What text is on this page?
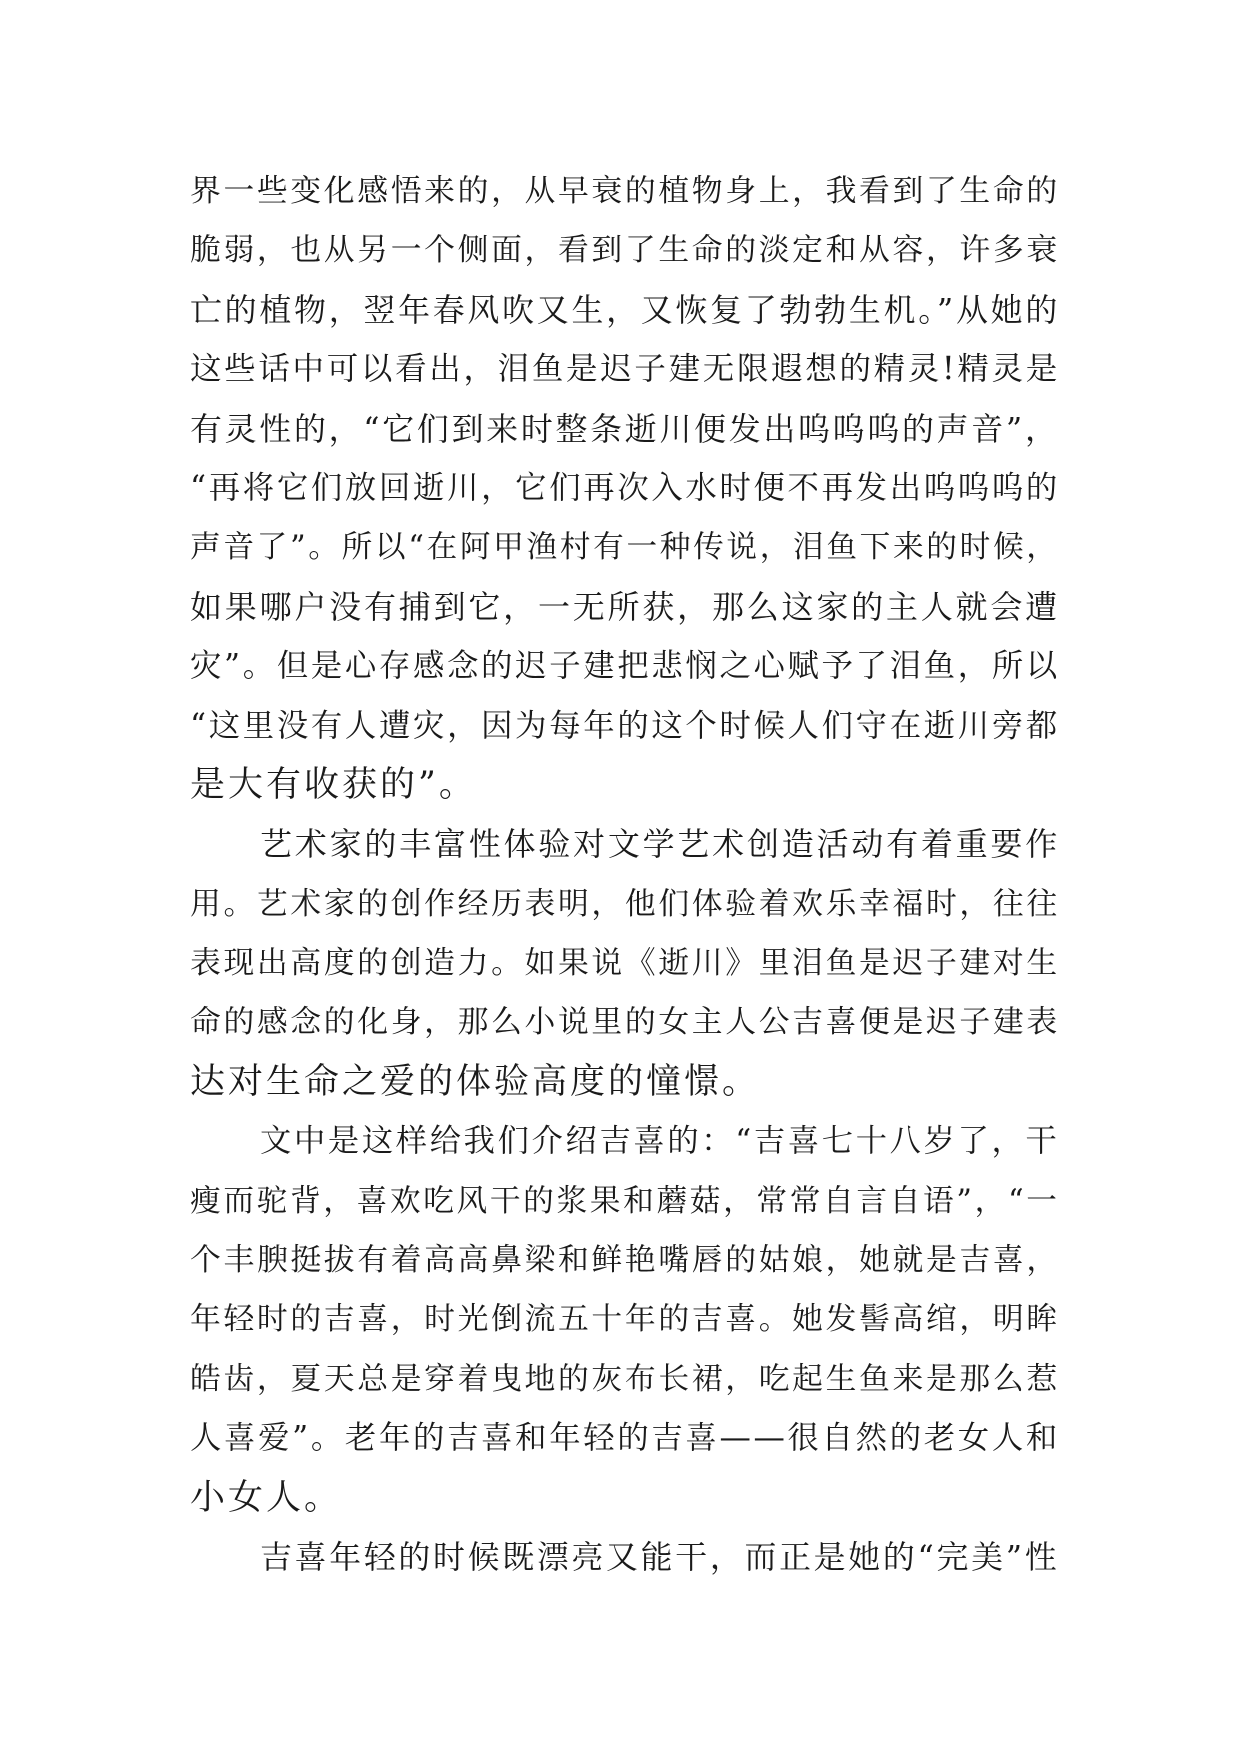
界一些变化感悟来的，从早衰的植物身上，我看到了生命的
脆弱，也从另一个侧面，看到了生命的淡定和从容，许多衰
亡的植物，翌年春风吹又生，又恢复了勃勃生机。”从她的
这些话中可以看出，泪鱼是迟子建无限遐想的精灵!精灵是
有灵性的，“它们到来时整条逝川便发出呜呜呜的声音”，
“再将它们放回逝川，它们再次入水时便不再发出呜呜呜的
声音了”。所以“在阿甲渔村有一种传说，泪鱼下来的时候，
如果哪户没有捕到它，一无所获，那么这家的主人就会遭
灾”。但是心存感念的迟子建把悲悯之心赋予了泪鱼，所以
“这里没有人遭灾，因为每年的这个时候人们守在逝川旁都
是大有收获的”。
艺术家的丰富性体验对文学艺术创造活动有着重要作
用。艺术家的创作经历表明，他们体验着欢乐幸福时，往往
表现出高度的创造力。如果说《逝川》里泪鱼是迟子建对生
命的感念的化身，那么小说里的女主人公吉喜便是迟子建表
达对生命之爱的体验高度的憧憬。
文中是这样给我们介绍吉喜的：“吉喜七十八岁了，干
瘦而驼背，喜欢吃风干的浆果和蘑菇，常常自言自语”，“一
个丰腴挺拔有着高高鼻梁和鲜艳嘴唇的姑娘，她就是吉喜，
年轻时的吉喜，时光倒流五十年的吉喜。她发髻高绾，明眸
皓齿，夏天总是穿着曳地的灰布长裙，吃起生鱼来是那么惹
人喜爱”。老年的吉喜和年轻的吉喜——很自然的老女人和
小女人。
吉喜年轻的时候既漂亮又能干，而正是她的“完美”性
